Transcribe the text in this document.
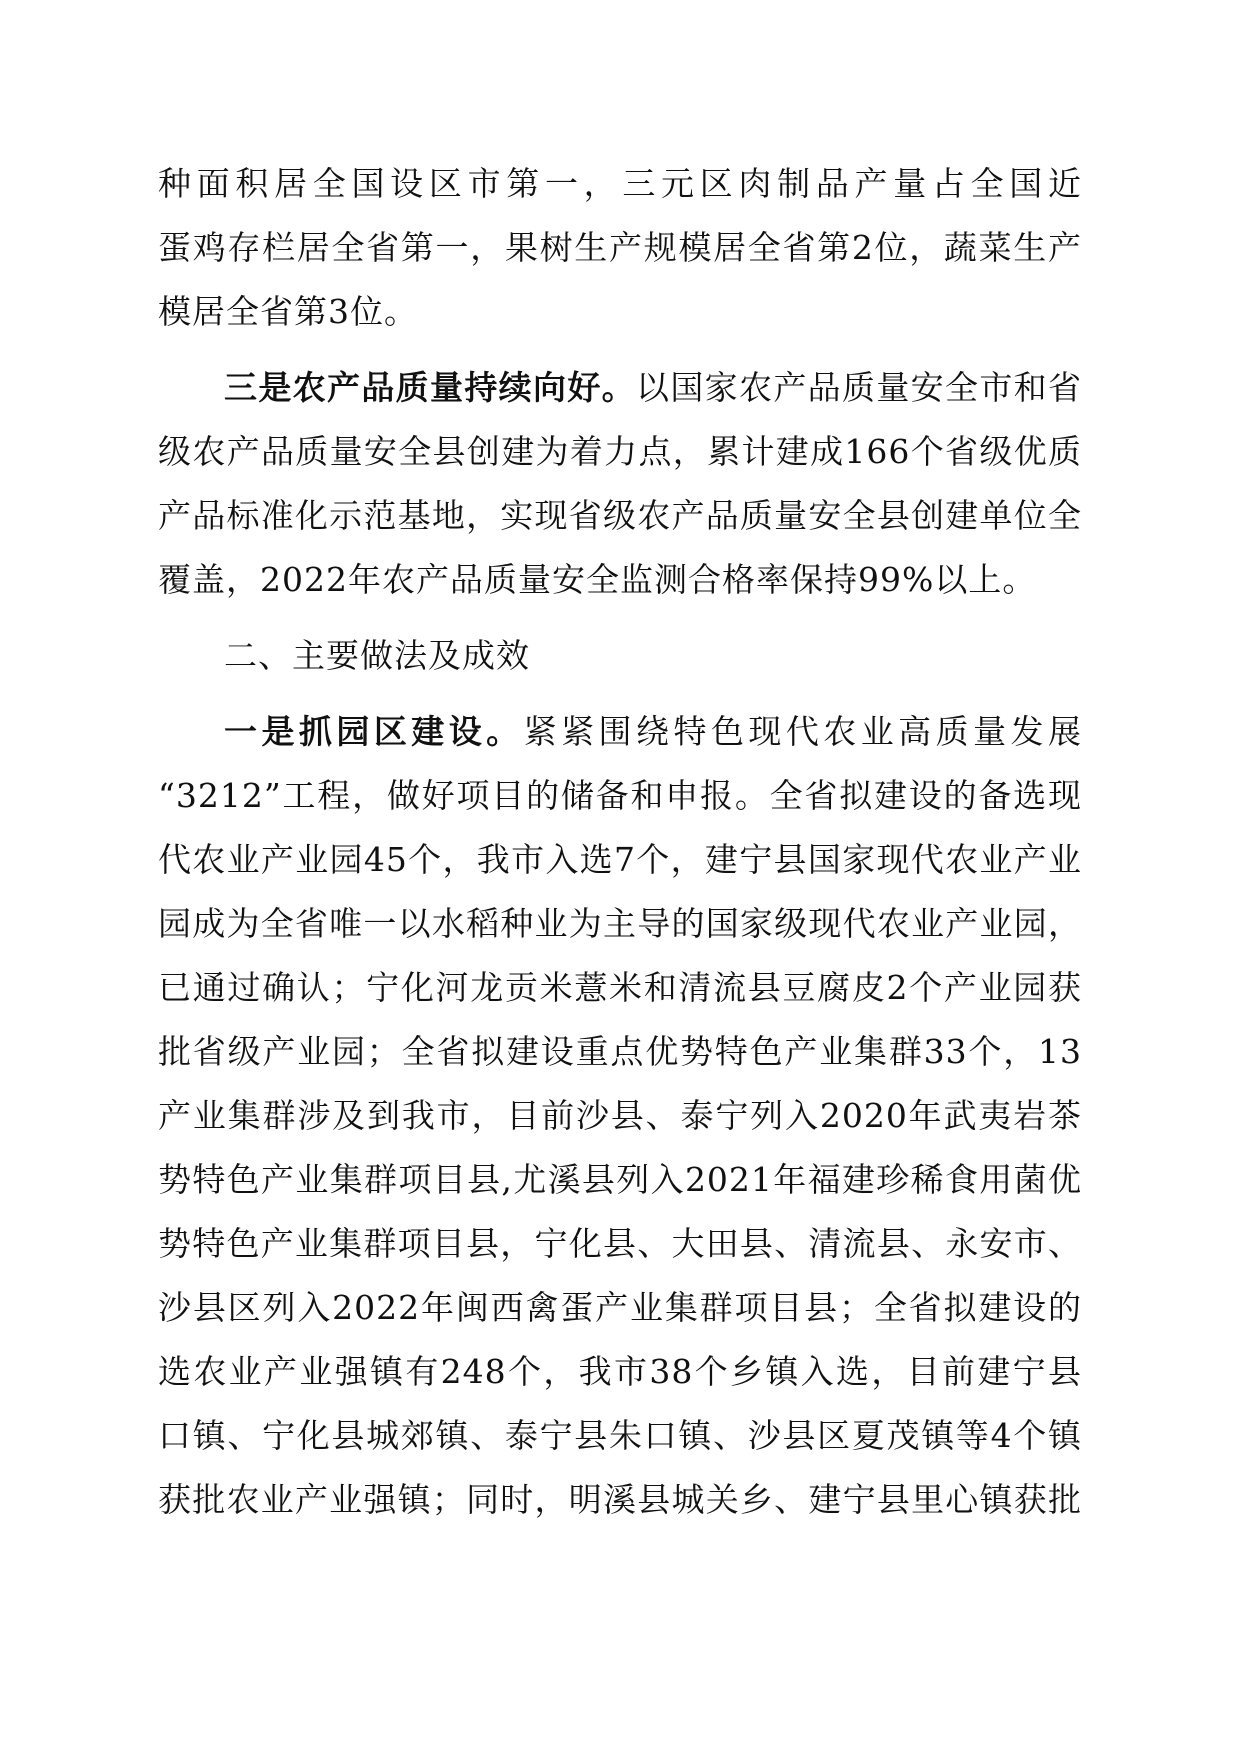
种面积居全国设区市第一，三元区肉制品产量占全国近
蛋鸡存栏居全省第一，果树生产规模居全省第2位，蔬菜生产
模居全省第3位。
三是农产品质量持续向好。以国家农产品质量安全市和省
级农产品质量安全县创建为着力点，累计建成166个省级优质
产品标准化示范基地，实现省级农产品质量安全县创建单位全
覆盖，2022年农产品质量安全监测合格率保持99%以上。
二、主要做法及成效
一是抓园区建设。紧紧围绕特色现代农业高质量发展
“3212”工程，做好项目的储备和申报。全省拟建设的备选现
代农业产业园45个，我市入选7个，建宁县国家现代农业产业
园成为全省唯一以水稻种业为主导的国家级现代农业产业园，
已通过确认；宁化河龙贡米薏米和清流县豆腐皮2个产业园获
批省级产业园；全省拟建设重点优势特色产业集群33个，13
产业集群涉及到我市，目前沙县、泰宁列入2020年武夷岩茶
势特色产业集群项目县,尤溪县列入2021年福建珍稀食用菌优
势特色产业集群项目县，宁化县、大田县、清流县、永安市、
沙县区列入2022年闽西禽蛋产业集群项目县；全省拟建设的
选农业产业强镇有248个，我市38个乡镇入选，目前建宁县
口镇、宁化县城郊镇、泰宁县朱口镇、沙县区夏茂镇等4个镇
获批农业产业强镇；同时，明溪县城关乡、建宁县里心镇获批
